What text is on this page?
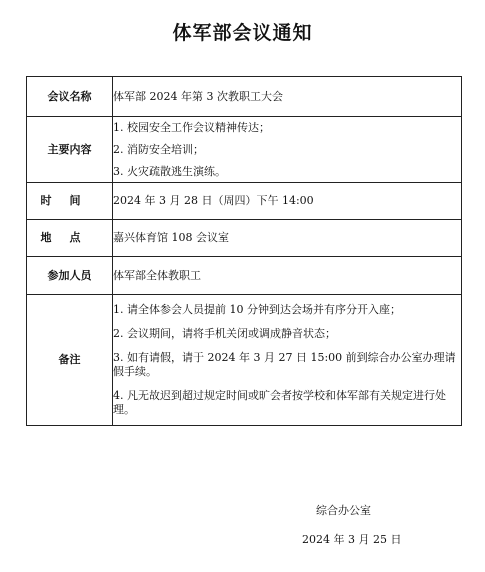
体军部会议通知
会议名称	体军部 2024 年第 3 次教职工大会
主要内容	1. 校园安全工作会议精神传达；
2. 消防安全培训；
3. 火灾疏散逃生演练。

时间	2024 年 3 月 28 日（周四）下午 14:00
地点	嘉兴体育馆 108 会议室
参加人员	体军部全体教职工
备注	1. 请全体参会人员提前 10 分钟到达会场并有序分开入座；
2. 会议期间，请将手机关闭或调成静音状态；
3. 如有请假，请于 2024 年 3 月 27 日 15:00 前到综合办公室办理请假手续。
4. 凡无故迟到超过规定时间或旷会者按学校和体军部有关规定进行处理。
综合办公室
2024 年 3 月 25 日
